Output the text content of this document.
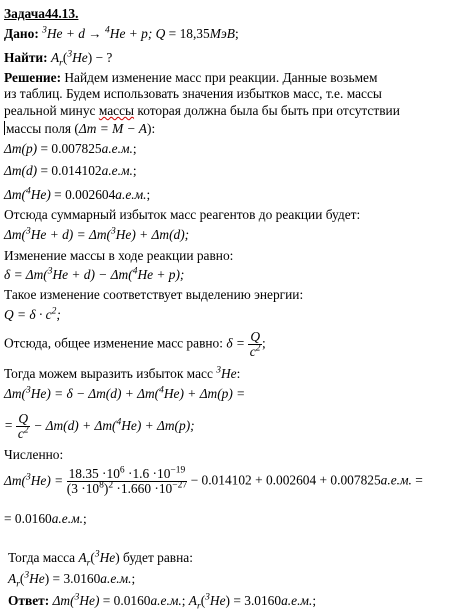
Задача44.13.
Дано: $^3$He + d → $^4$He + p; Q = 18,35МэВ;
Найти: $A_r(^3He)$ − ?
Решение: Найдем изменение масс при реакции. Данные возьмем
из таблиц. Будем использовать значения избытков масс, т.е. массы
реальной минус массы которая должна была бы быть при отсутствии
массы поля (Δm = M − A):
Δm(p) = 0.007825а.е.м.;
Δm(d) = 0.014102а.е.м.;
Δm($^4$He) = 0.002604а.е.м.;
Отсюда суммарный избыток масс реагентов до реакции будет:
Δm($^3$He + d) = Δm($^3$He) + Δm(d);
Изменение массы в ходе реакции равно:
δ = Δm($^3$He + d) − Δm($^4$He + p);
Такое изменение соответствует выделению энергии:
$Q = \delta \cdot c^2$;
Отсюда, общее изменение масс равно: $\delta = \frac{Q}{c^2}$ ;
Тогда можем выразить избыток масс $^3$He:
Δm($^3$He) = δ − Δm(d) + Δm($^4$He) + Δm(p) =
= $\frac{Q}{c^2} - \Delta m(d) + \Delta m(^4He) + \Delta m(p)$;
Численно:
$\Delta m(^3He) = \frac{18.35 \cdot 10^6 \cdot 1.6 \cdot 10^{-19}}{(3 \cdot 10^8)^2 \cdot 1.660 \cdot 10^{-27}} - 0.014102 + 0.002604 + 0.007825а.е.м$. =
= 0.0160а.е.м.;
Тогда масса $A_r(^3He)$ будет равна:
$A_r(^3He) = 3.0160а.е.м$.;
Ответ: Δm($^3$He) = 0.0160а.е.м.; $A_r(^3He) = 3.0160а.е.м$.;
